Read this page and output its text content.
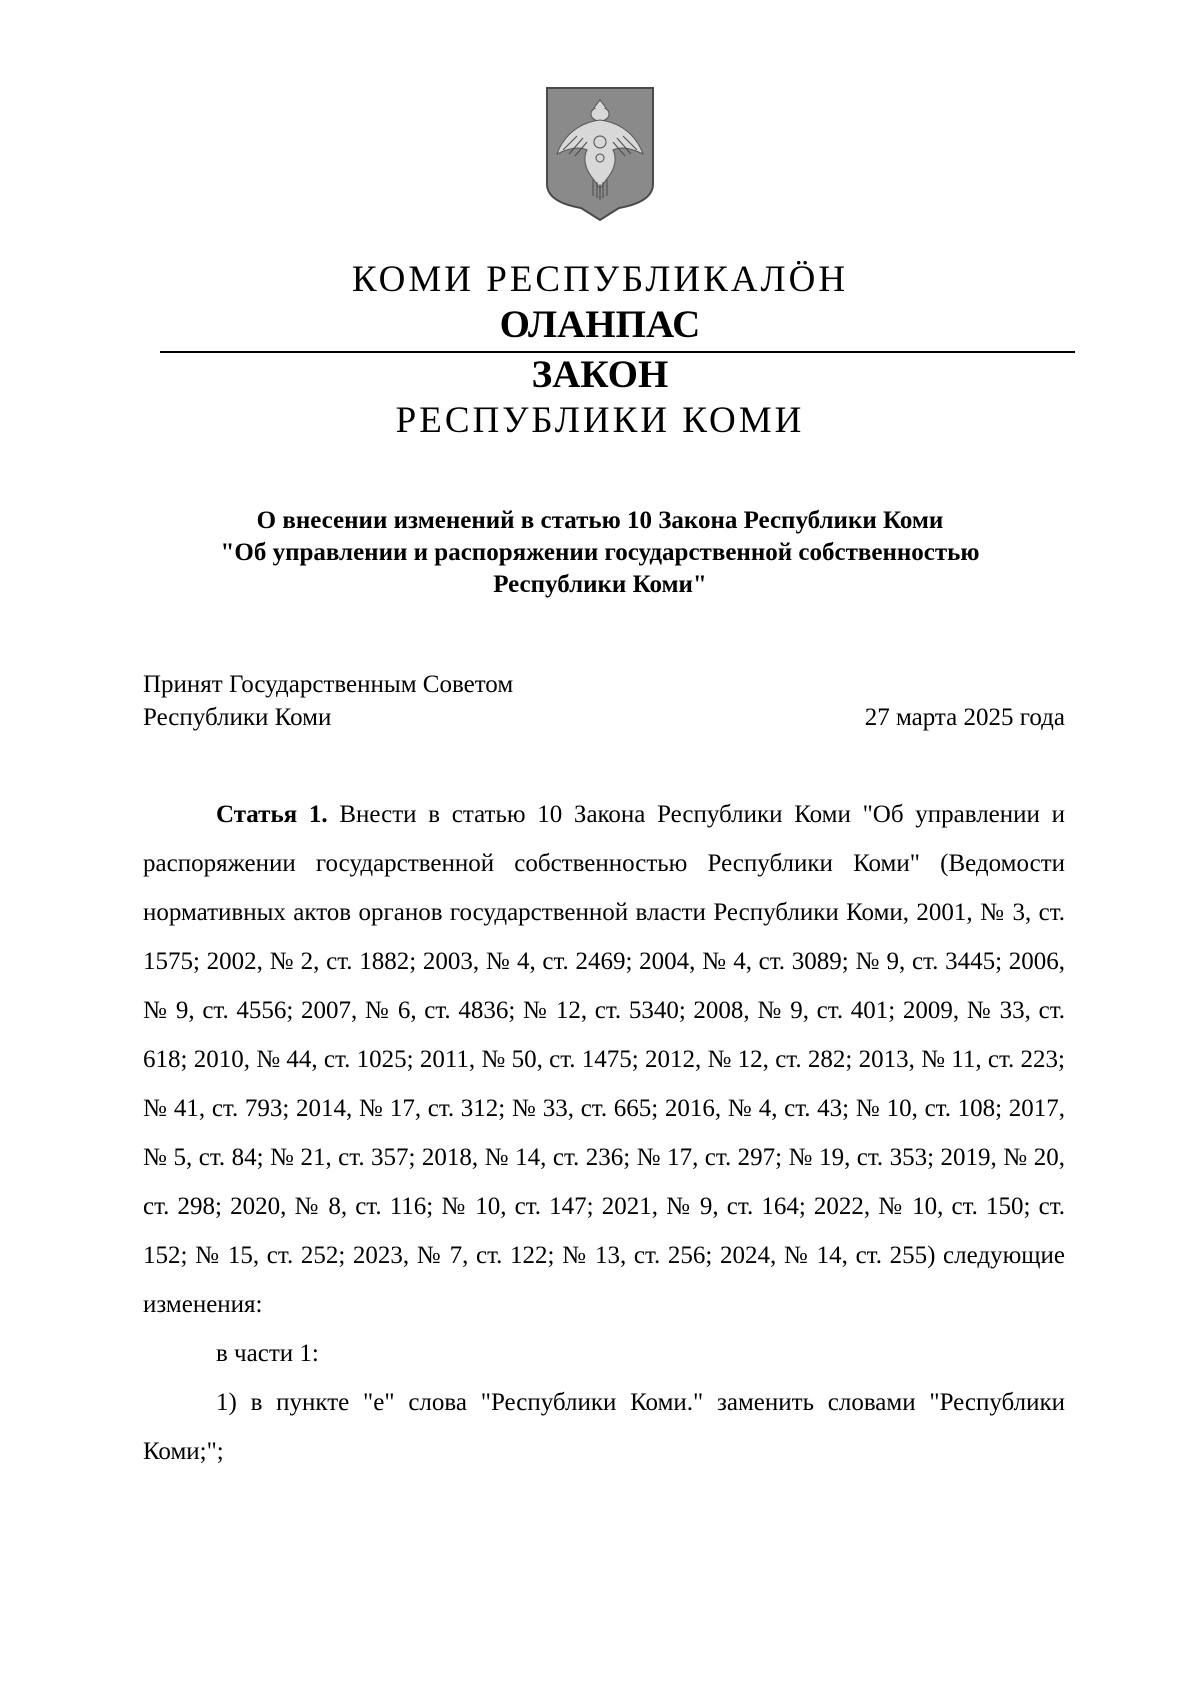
КОМИ РЕСПУБЛИКАЛӦН
ОЛАНПАС
ЗАКОН
РЕСПУБЛИКИ КОМИ
О внесении изменений в статью 10 Закона Республики Коми
"Об управлении и распоряжении государственной собственностью
Республики Коми"
Принят Государственным Советом
Республики Коми	27 марта 2025 года

Статья 1. Внести в статью 10 Закона Республики Коми "Об управлении и распоряжении государственной собственностью Республики Коми" (Ведомости нормативных актов органов государственной власти Республики Коми, 2001, № 3, ст. 1575; 2002, № 2, ст. 1882; 2003, № 4, ст. 2469; 2004, № 4, ст. 3089; № 9, ст. 3445; 2006, № 9, ст. 4556; 2007, № 6, ст. 4836; № 12, ст. 5340; 2008, № 9, ст. 401; 2009, № 33, ст. 618; 2010, № 44, ст. 1025; 2011, № 50, ст. 1475; 2012, № 12, ст. 282; 2013, № 11, ст. 223; № 41, ст. 793; 2014, № 17, ст. 312; № 33, ст. 665; 2016, № 4, ст. 43; № 10, ст. 108; 2017, № 5, ст. 84; № 21, ст. 357; 2018, № 14, ст. 236; № 17, ст. 297; № 19, ст. 353; 2019, № 20, ст. 298; 2020, № 8, ст. 116; № 10, ст. 147; 2021, № 9, ст. 164; 2022, № 10, ст. 150; ст. 152; № 15, ст. 252; 2023, № 7, ст. 122; № 13, ст. 256; 2024, № 14, ст. 255) следующие изменения:

в части 1:

1) в пункте "е" слова "Республики Коми." заменить словами "Республики Коми;";
